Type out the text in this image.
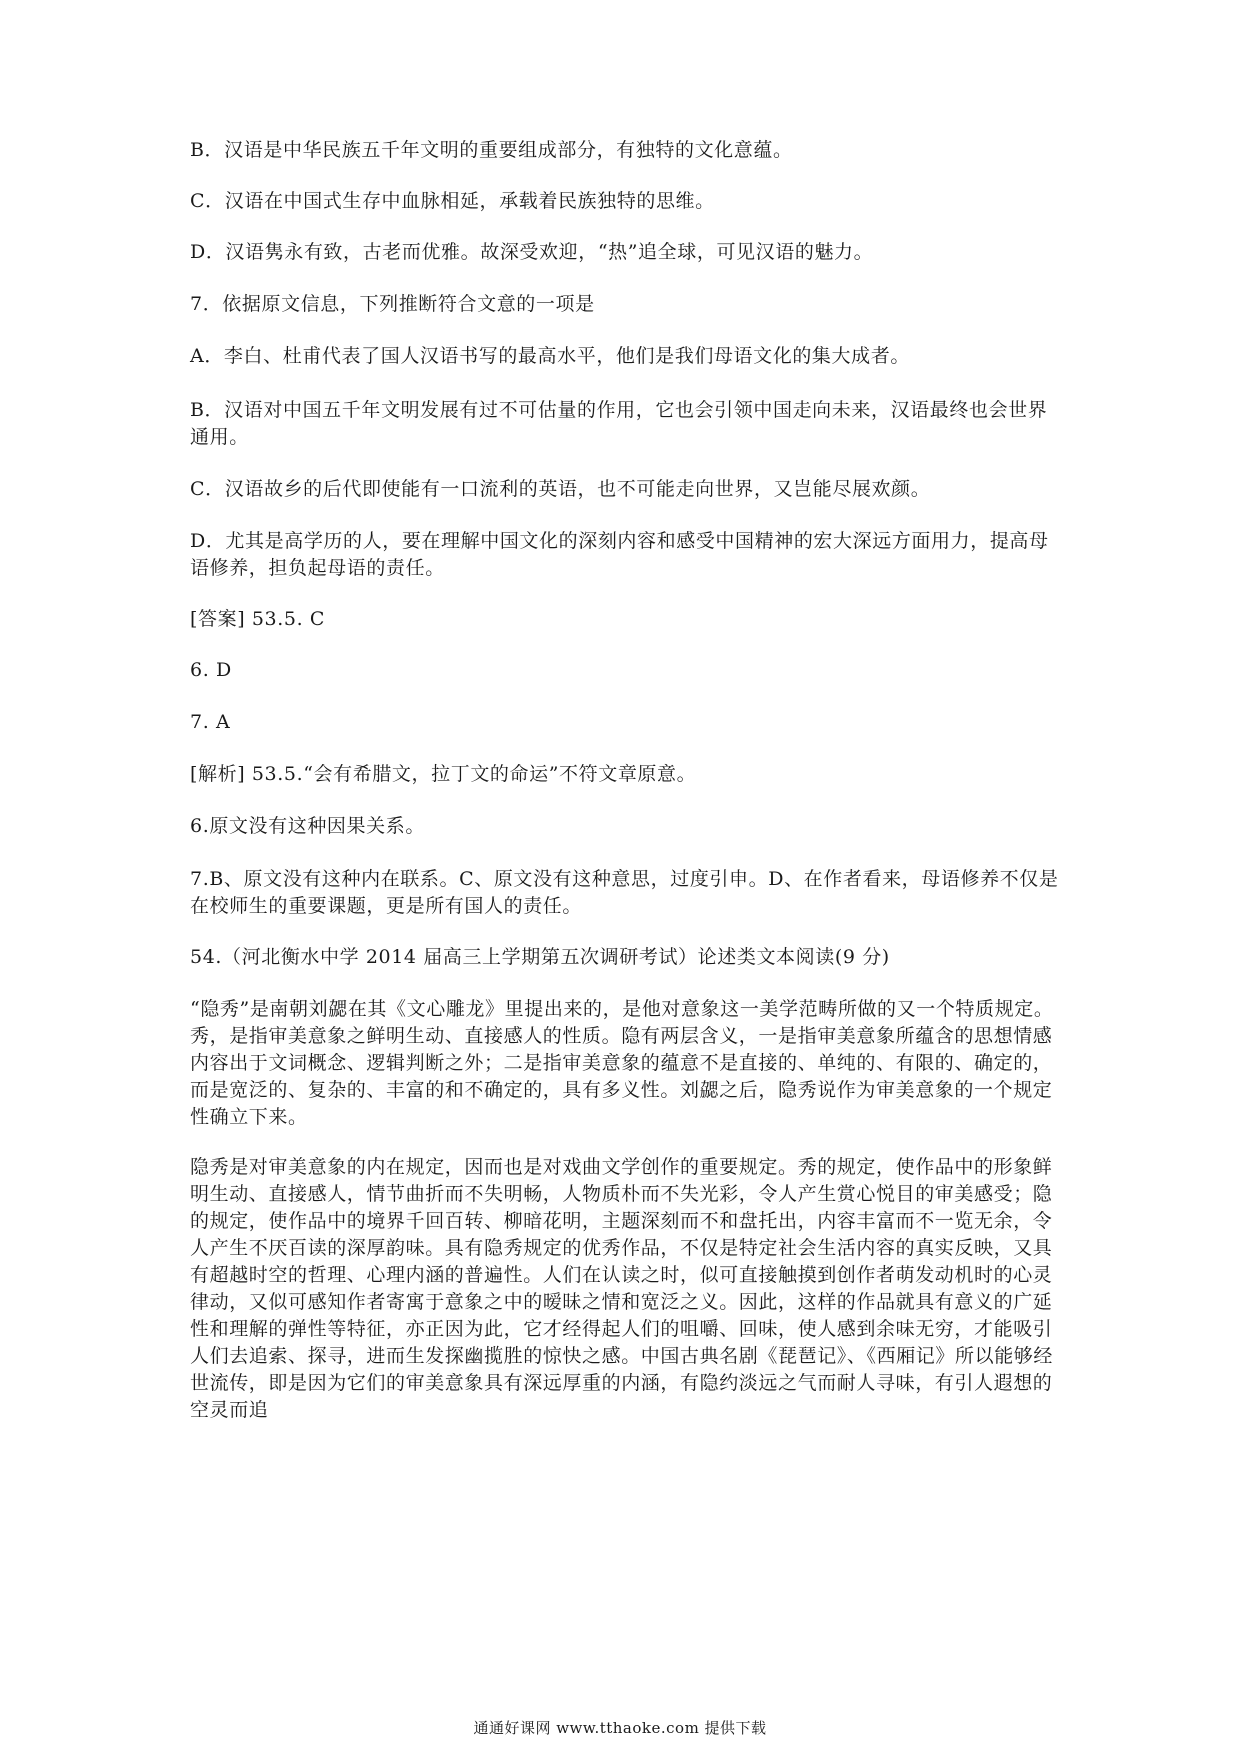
B．汉语是中华民族五千年文明的重要组成部分，有独特的文化意蕴。
C．汉语在中国式生存中血脉相延，承载着民族独特的思维。
D．汉语隽永有致，古老而优雅。故深受欢迎，“热”追全球，可见汉语的魅力。
7．依据原文信息，下列推断符合文意的一项是
A．李白、杜甫代表了国人汉语书写的最高水平，他们是我们母语文化的集大成者。
B．汉语对中国五千年文明发展有过不可估量的作用，它也会引领中国走向未来，汉语最终也会世界通用。
C．汉语故乡的后代即使能有一口流利的英语，也不可能走向世界，又岂能尽展欢颜。
D．尤其是高学历的人，要在理解中国文化的深刻内容和感受中国精神的宏大深远方面用力，提高母语修养，担负起母语的责任。
[答案] 53.5. C
6. D
7. A
[解析] 53.5.“会有希腊文，拉丁文的命运”不符文章原意。
6.原文没有这种因果关系。
7.B、原文没有这种内在联系。C、原文没有这种意思，过度引申。D、在作者看来，母语修养不仅是在校师生的重要课题，更是所有国人的责任。
54.（河北衡水中学 2014 届高三上学期第五次调研考试）论述类文本阅读(9 分)
“隐秀”是南朝刘勰在其《文心雕龙》里提出来的，是他对意象这一美学范畴所做的又一个特质规定。秀，是指审美意象之鲜明生动、直接感人的性质。隐有两层含义，一是指审美意象所蕴含的思想情感内容出于文词概念、逻辑判断之外；二是指审美意象的蕴意不是直接的、单纯的、有限的、确定的，而是宽泛的、复杂的、丰富的和不确定的，具有多义性。刘勰之后，隐秀说作为审美意象的一个规定性确立下来。
隐秀是对审美意象的内在规定，因而也是对戏曲文学创作的重要规定。秀的规定，使作品中的形象鲜明生动、直接感人，情节曲折而不失明畅，人物质朴而不失光彩，令人产生赏心悦目的审美感受；隐的规定，使作品中的境界千回百转、柳暗花明，主题深刻而不和盘托出，内容丰富而不一览无余，令人产生不厌百读的深厚韵味。具有隐秀规定的优秀作品，不仅是特定社会生活内容的真实反映，又具有超越时空的哲理、心理内涵的普遍性。人们在认读之时，似可直接触摸到创作者萌发动机时的心灵律动，又似可感知作者寄寓于意象之中的暧昧之情和宽泛之义。因此，这样的作品就具有意义的广延性和理解的弹性等特征，亦正因为此，它才经得起人们的咀嚼、回味，使人感到余味无穷，才能吸引人们去追索、探寻，进而生发探幽揽胜的惊快之感。中国古典名剧《琵琶记》、《西厢记》所以能够经世流传，即是因为它们的审美意象具有深远厚重的内涵，有隐约淡远之气而耐人寻味，有引人遐想的空灵而追
通通好课网 www.tthaoke.com 提供下载
